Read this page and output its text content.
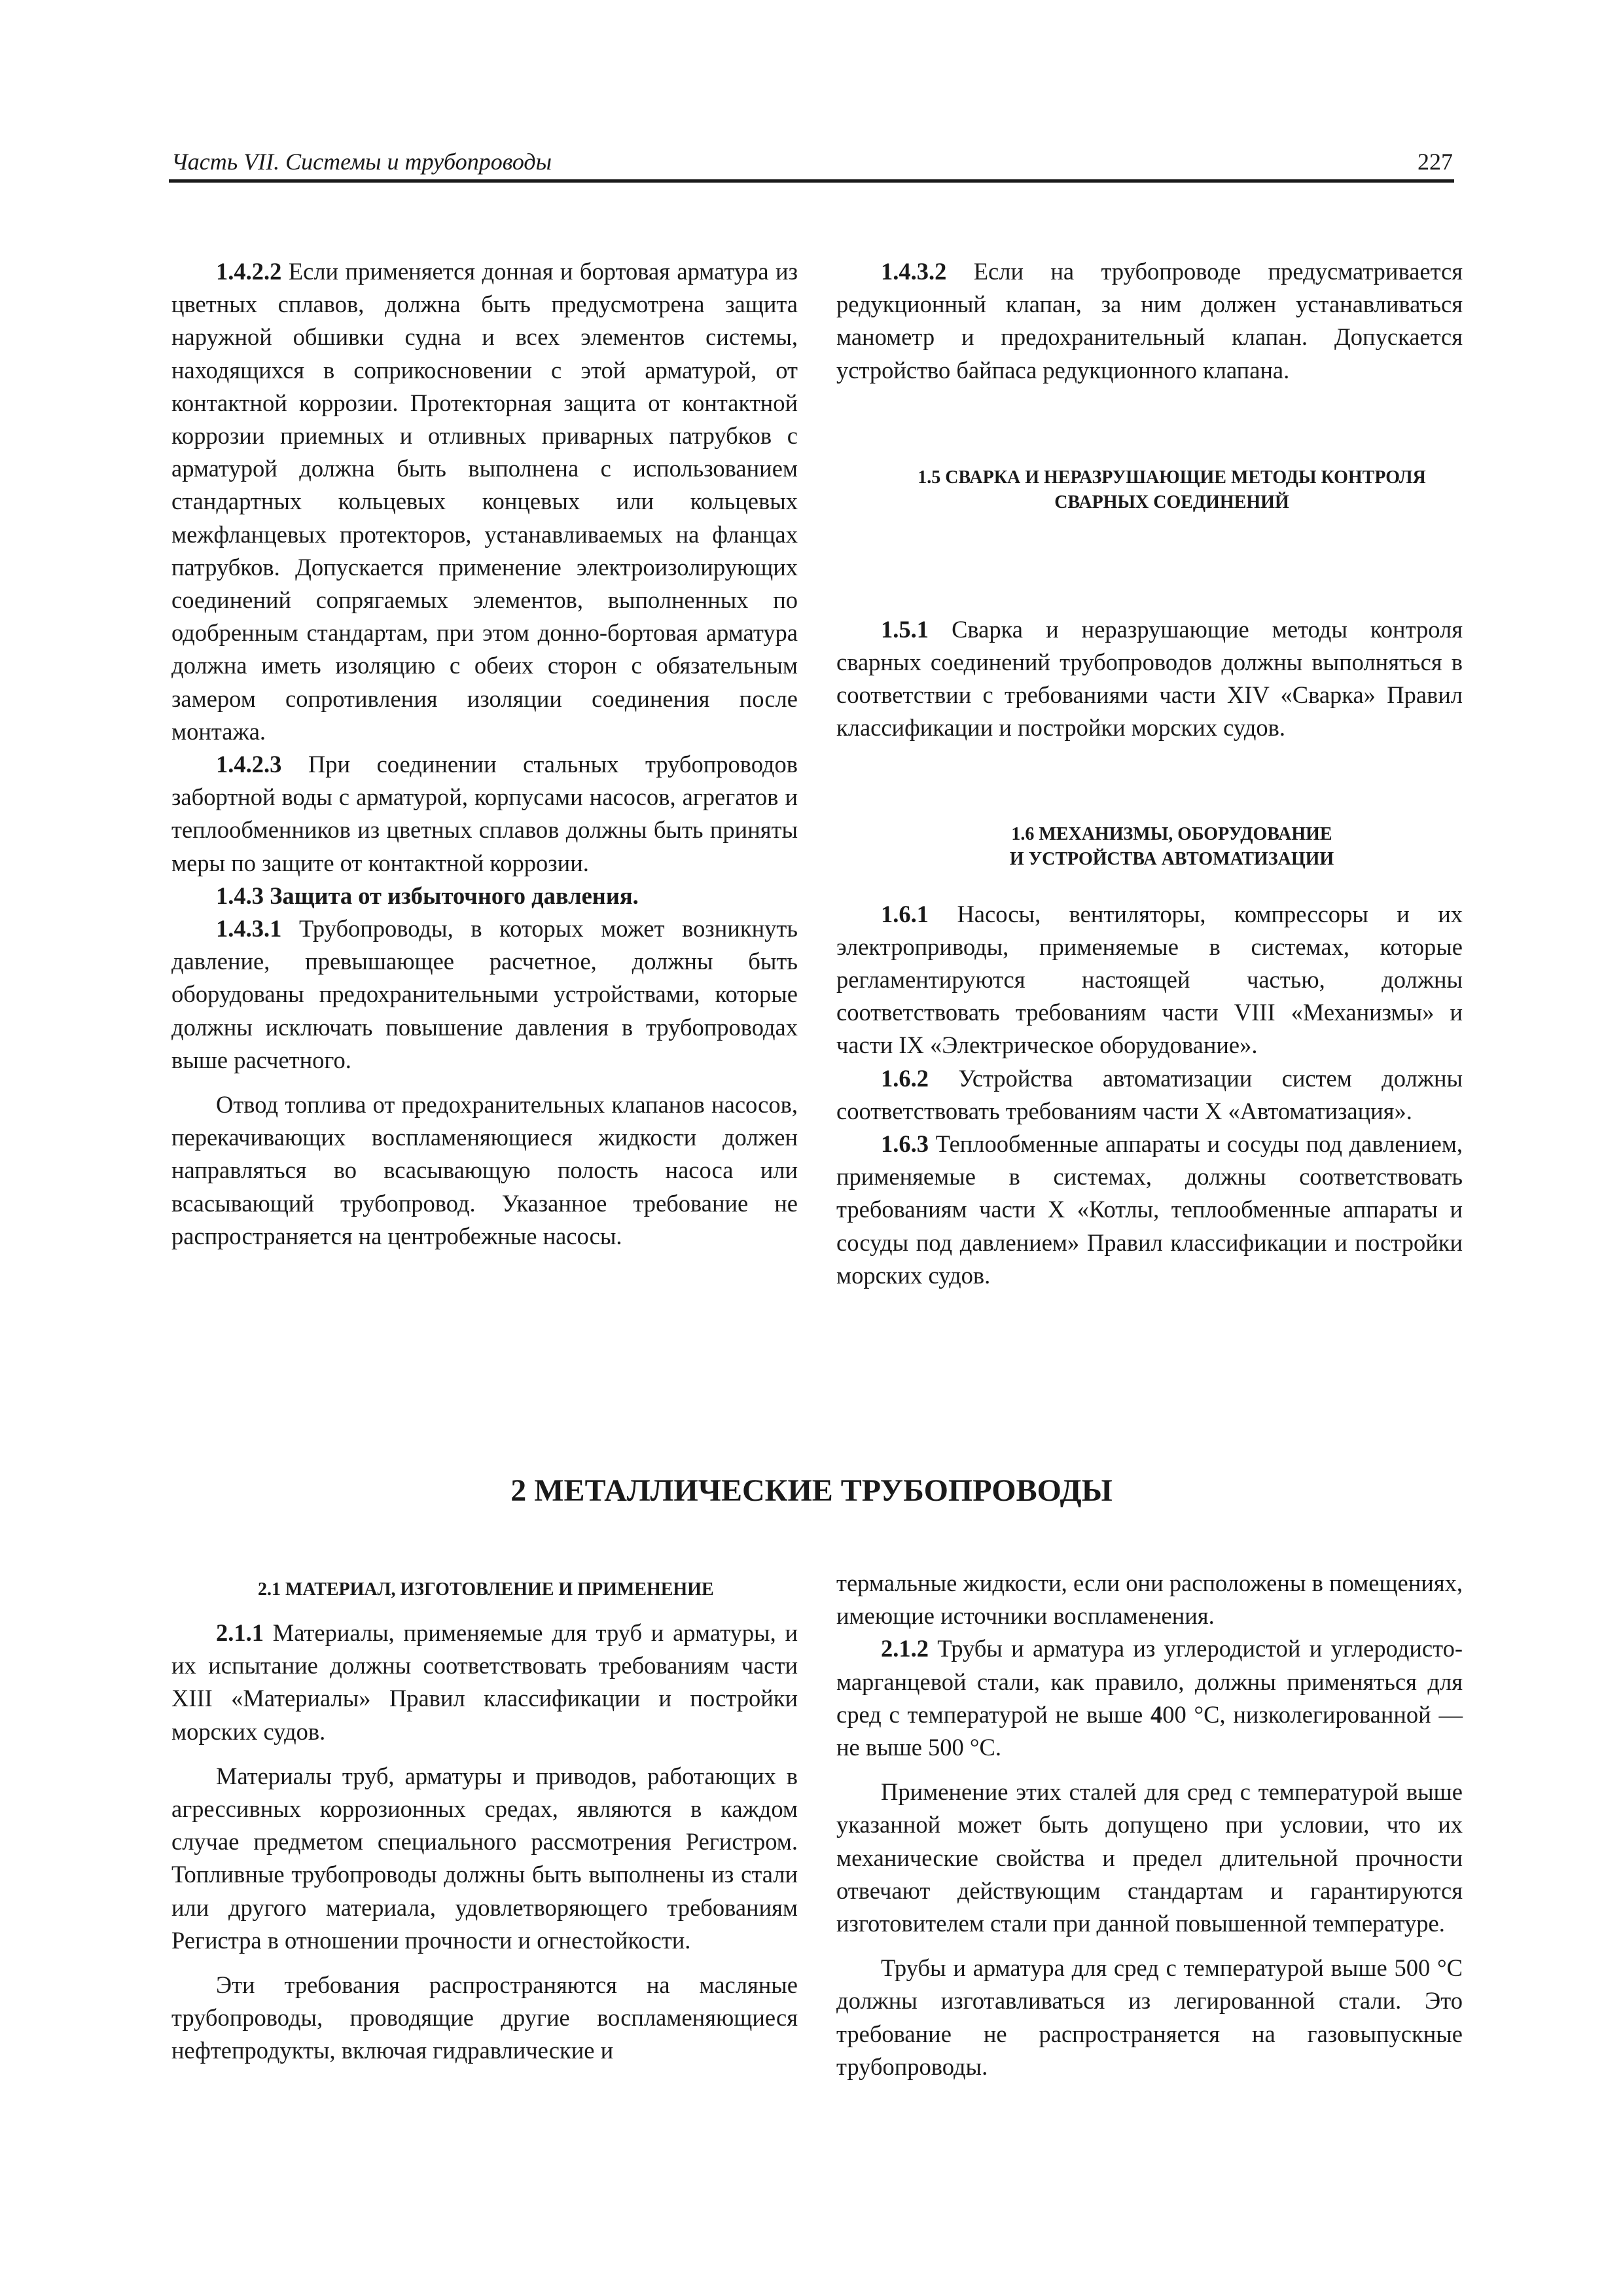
Часть VII. Системы и трубопроводы	227

1.4.2.2 Если применяется донная и бортовая арматура из цветных сплавов, должна быть предусмотрена защита наружной обшивки судна и всех элементов системы, находящихся в соприкосновении с этой арматурой, от контактной коррозии. Протекторная защита от контактной коррозии приемных и отливных приварных патрубков с арматурой должна быть выполнена с использованием стандартных кольцевых концевых или кольцевых межфланцевых протекторов, устанавливаемых на фланцах патрубков. Допускается применение электроизолирующих соединений сопрягаемых элементов, выполненных по одобренным стандартам, при этом донно-бортовая арматура должна иметь изоляцию с обеих сторон с обязательным замером сопротивления изоляции соединения после монтажа.

1.4.2.3 При соединении стальных трубопроводов забортной воды с арматурой, корпусами насосов, агрегатов и теплообменников из цветных сплавов должны быть приняты меры по защите от контактной коррозии.

1.4.3 Защита от избыточного давления.

1.4.3.1 Трубопроводы, в которых может возникнуть давление, превышающее расчетное, должны быть оборудованы предохранительными устройствами, которые должны исключать повышение давления в трубопроводах выше расчетного.

Отвод топлива от предохранительных клапанов насосов, перекачивающих воспламеняющиеся жидкости должен направляться во всасывающую полость насоса или всасывающий трубопровод. Указанное требование не распространяется на центробежные насосы.

1.4.3.2 Если на трубопроводе предусматривается редукционный клапан, за ним должен устанавливаться манометр и предохранительный клапан. Допускается устройство байпаса редукционного клапана.

1.5 СВАРКА И НЕРАЗРУШАЮЩИЕ МЕТОДЫ КОНТРОЛЯ
СВАРНЫХ СОЕДИНЕНИЙ

1.5.1 Сварка и неразрушающие методы контроля сварных соединений трубопроводов должны выполняться в соответствии с требованиями части XIV «Сварка» Правил классификации и постройки морских судов.

1.6 МЕХАНИЗМЫ, ОБОРУДОВАНИЕ
И УСТРОЙСТВА АВТОМАТИЗАЦИИ

1.6.1 Насосы, вентиляторы, компрессоры и их электроприводы, применяемые в системах, которые регламентируются настоящей частью, должны соответствовать требованиям части VIII «Механизмы» и части IX «Электрическое оборудование».

1.6.2 Устройства автоматизации систем должны соответствовать требованиям части Х «Автоматизация».

1.6.3 Теплообменные аппараты и сосуды под давлением, применяемые в системах, должны соответствовать требованиям части Х «Котлы, теплообменные аппараты и сосуды под давлением» Правил классификации и постройки морских судов.

2 МЕТАЛЛИЧЕСКИЕ ТРУБОПРОВОДЫ

2.1 МАТЕРИАЛ, ИЗГОТОВЛЕНИЕ И ПРИМЕНЕНИЕ

2.1.1 Материалы, применяемые для труб и арматуры, и их испытание должны соответствовать требованиям части XIII «Материалы» Правил классификации и постройки морских судов.

Материалы труб, арматуры и приводов, работающих в агрессивных коррозионных средах, являются в каждом случае предметом специального рассмотрения Регистром. Топливные трубопроводы должны быть выполнены из стали или другого материала, удовлетворяющего требованиям Регистра в отношении прочности и огнестойкости.

Эти требования распространяются на масляные трубопроводы, проводящие другие воспламеняющиеся нефтепродукты, включая гидравлические и

термальные жидкости, если они расположены в помещениях, имеющие источники воспламенения.

2.1.2 Трубы и арматура из углеродистой и углеродисто-марганцевой стали, как правило, должны применяться для сред с температурой не выше 400 °С, низколегированной — не выше 500 °С.

Применение этих сталей для сред с температурой выше указанной может быть допущено при условии, что их механические свойства и предел длительной прочности отвечают действующим стандартам и гарантируются изготовителем стали при данной повышенной температуре.

Трубы и арматура для сред с температурой выше 500 °С должны изготавливаться из легированной стали. Это требование не распространяется на газовыпускные трубопроводы.
